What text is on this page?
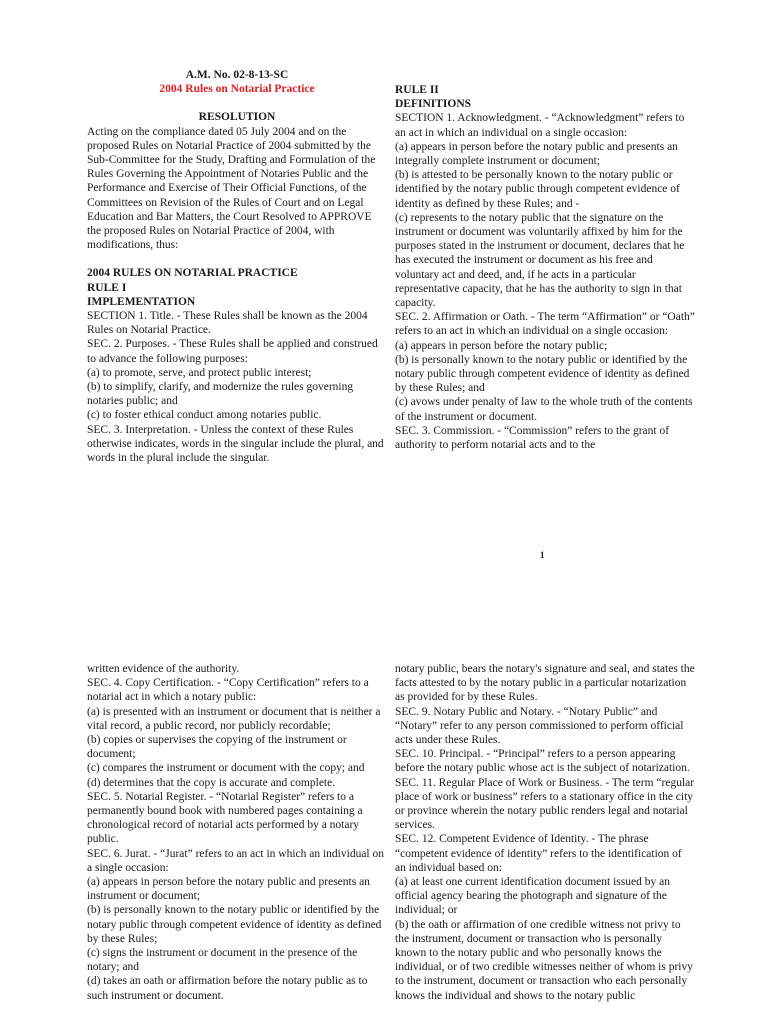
A.M. No. 02-8-13-SC
2004 Rules on Notarial Practice
RESOLUTION

Acting on the compliance dated 05 July 2004 and on the proposed Rules on Notarial Practice of 2004 submitted by the Sub-Committee for the Study, Drafting and Formulation of the Rules Governing the Appointment of Notaries Public and the Performance and Exercise of Their Official Functions, of the Committees on Revision of the Rules of Court and on Legal Education and Bar Matters, the Court Resolved to APPROVE the proposed Rules on Notarial Practice of 2004, with modifications, thus:

2004 RULES ON NOTARIAL PRACTICE
RULE I
IMPLEMENTATION

SECTION 1. Title. - These Rules shall be known as the 2004 Rules on Notarial Practice.

SEC. 2. Purposes. - These Rules shall be applied and construed to advance the following purposes:

(a) to promote, serve, and protect public interest;

(b) to simplify, clarify, and modernize the rules governing notaries public; and

(c) to foster ethical conduct among notaries public.

SEC. 3. Interpretation. - Unless the context of these Rules otherwise indicates, words in the singular include the plural, and words in the plural include the singular.

RULE II
DEFINITIONS

SECTION 1. Acknowledgment. - “Acknowledgment” refers to an act in which an individual on a single occasion:

(a) appears in person before the notary public and presents an integrally complete instrument or document;

(b) is attested to be personally known to the notary public or identified by the notary public through competent evidence of identity as defined by these Rules; and -

(c) represents to the notary public that the signature on the instrument or document was voluntarily affixed by him for the purposes stated in the instrument or document, declares that he has executed the instrument or document as his free and voluntary act and deed, and, if he acts in a particular representative capacity, that he has the authority to sign in that capacity.

SEC. 2. Affirmation or Oath. - The term “Affirmation” or “Oath” refers to an act in which an individual on a single occasion:

(a) appears in person before the notary public;

(b) is personally known to the notary public or identified by the notary public through competent evidence of identity as defined by these Rules; and

(c) avows under penalty of law to the whole truth of the contents of the instrument or document.

SEC. 3. Commission. - “Commission” refers to the grant of authority to perform notarial acts and to the

1

written evidence of the authority.

SEC. 4. Copy Certification. - “Copy Certification” refers to a notarial act in which a notary public:

(a) is presented with an instrument or document that is neither a vital record, a public record, nor publicly recordable;

(b) copies or supervises the copying of the instrument or document;

(c) compares the instrument or document with the copy; and

(d) determines that the copy is accurate and complete.

SEC. 5. Notarial Register. - “Notarial Register” refers to a permanently bound book with numbered pages containing a chronological record of notarial acts performed by a notary public.

SEC. 6. Jurat. - “Jurat” refers to an act in which an individual on a single occasion:

(a) appears in person before the notary public and presents an instrument or document;

(b) is personally known to the notary public or identified by the notary public through competent evidence of identity as defined by these Rules;

(c) signs the instrument or document in the presence of the notary; and

(d) takes an oath or affirmation before the notary public as to such instrument or document.

notary public, bears the notary's signature and seal, and states the facts attested to by the notary public in a particular notarization as provided for by these Rules.

SEC. 9. Notary Public and Notary. - “Notary Public” and “Notary” refer to any person commissioned to perform official acts under these Rules.

SEC. 10. Principal. - “Principal” refers to a person appearing before the notary public whose act is the subject of notarization.

SEC. 11. Regular Place of Work or Business. - The term “regular place of work or business” refers to a stationary office in the city or province wherein the notary public renders legal and notarial services.

SEC. 12. Competent Evidence of Identity. - The phrase “competent evidence of identity” refers to the identification of an individual based on:

(a) at least one current identification document issued by an official agency bearing the photograph and signature of the individual; or

(b) the oath or affirmation of one credible witness not privy to the instrument, document or transaction who is personally known to the notary public and who personally knows the individual, or of two credible witnesses neither of whom is privy to the instrument, document or transaction who each personally knows the individual and shows to the notary public
